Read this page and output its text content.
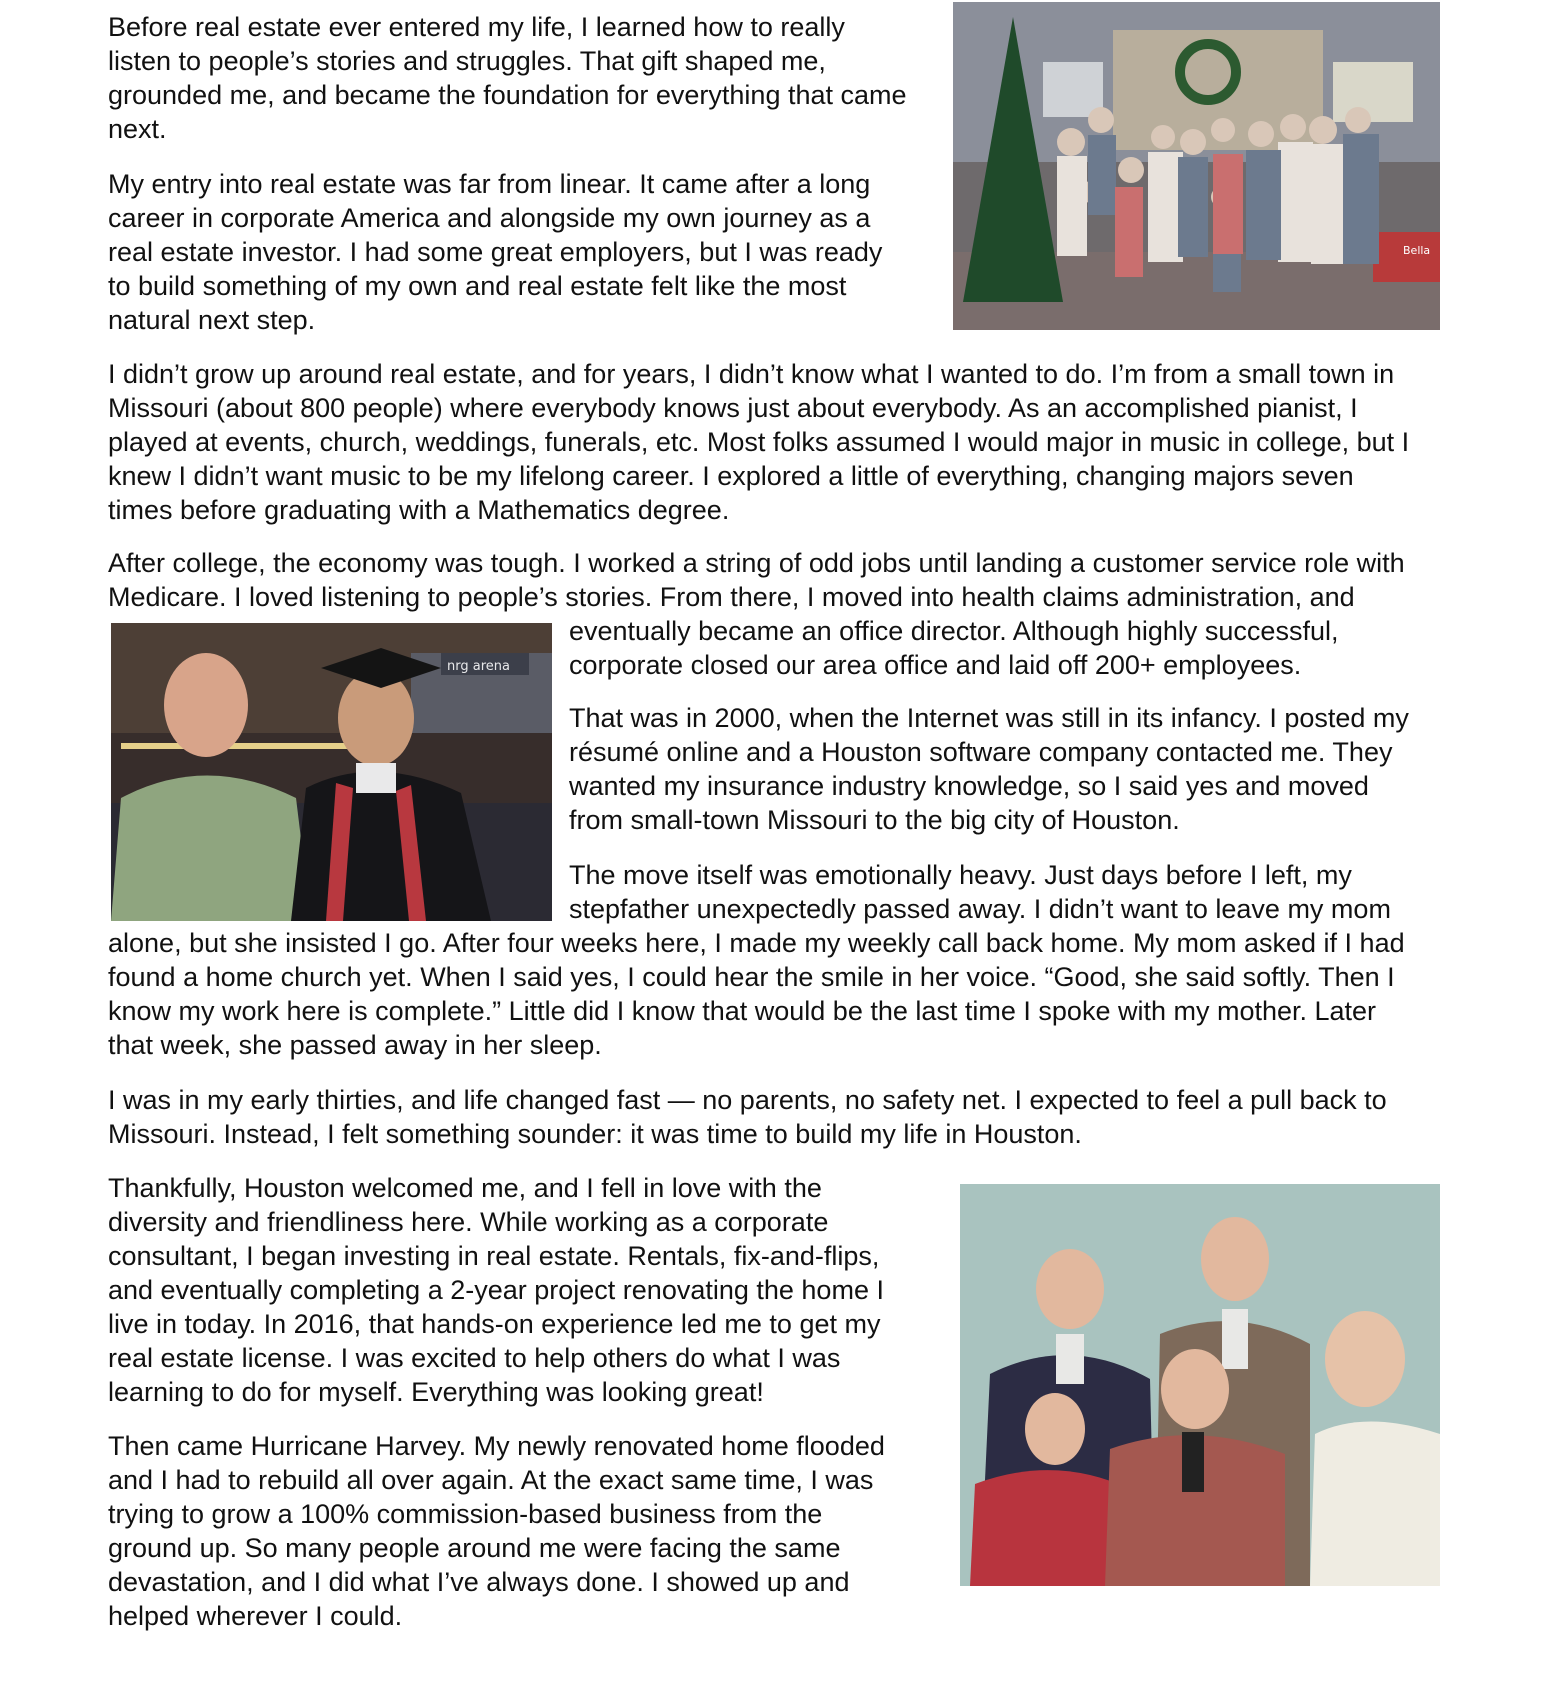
Bella
nrg arena

Before real estate ever entered my life, I learned how to really
listen to people’s stories and struggles. That gift shaped me,
grounded me, and became the foundation for everything that came
next.

My entry into real estate was far from linear. It came after a long
career in corporate America and alongside my own journey as a
real estate investor. I had some great employers, but I was ready
to build something of my own and real estate felt like the most
natural next step.

I didn’t grow up around real estate, and for years, I didn’t know what I wanted to do. I’m from a small town in
Missouri (about 800 people) where everybody knows just about everybody. As an accomplished pianist, I
played at events, church, weddings, funerals, etc. Most folks assumed I would major in music in college, but I
knew I didn’t want music to be my lifelong career. I explored a little of everything, changing majors seven
times before graduating with a Mathematics degree.

After college, the economy was tough. I worked a string of odd jobs until landing a customer service role with
Medicare. I loved listening to people’s stories. From there, I moved into health claims administration, and

eventually became an office director. Although highly successful,
corporate closed our area office and laid off 200+ employees.

That was in 2000, when the Internet was still in its infancy. I posted my
résumé online and a Houston software company contacted me. They
wanted my insurance industry knowledge, so I said yes and moved
from small-town Missouri to the big city of Houston.

The move itself was emotionally heavy. Just days before I left, my
stepfather unexpectedly passed away. I didn’t want to leave my mom

alone, but she insisted I go. After four weeks here, I made my weekly call back home. My mom asked if I had
found a home church yet. When I said yes, I could hear the smile in her voice. “Good, she said softly. Then I
know my work here is complete.” Little did I know that would be the last time I spoke with my mother. Later
that week, she passed away in her sleep.

I was in my early thirties, and life changed fast — no parents, no safety net. I expected to feel a pull back to
Missouri. Instead, I felt something sounder: it was time to build my life in Houston.

Thankfully, Houston welcomed me, and I fell in love with the
diversity and friendliness here. While working as a corporate
consultant, I began investing in real estate. Rentals, fix-and-flips,
and eventually completing a 2-year project renovating the home I
live in today. In 2016, that hands-on experience led me to get my
real estate license. I was excited to help others do what I was
learning to do for myself. Everything was looking great!

Then came Hurricane Harvey. My newly renovated home flooded
and I had to rebuild all over again. At the exact same time, I was
trying to grow a 100% commission-based business from the
ground up. So many people around me were facing the same
devastation, and I did what I’ve always done. I showed up and
helped wherever I could.
